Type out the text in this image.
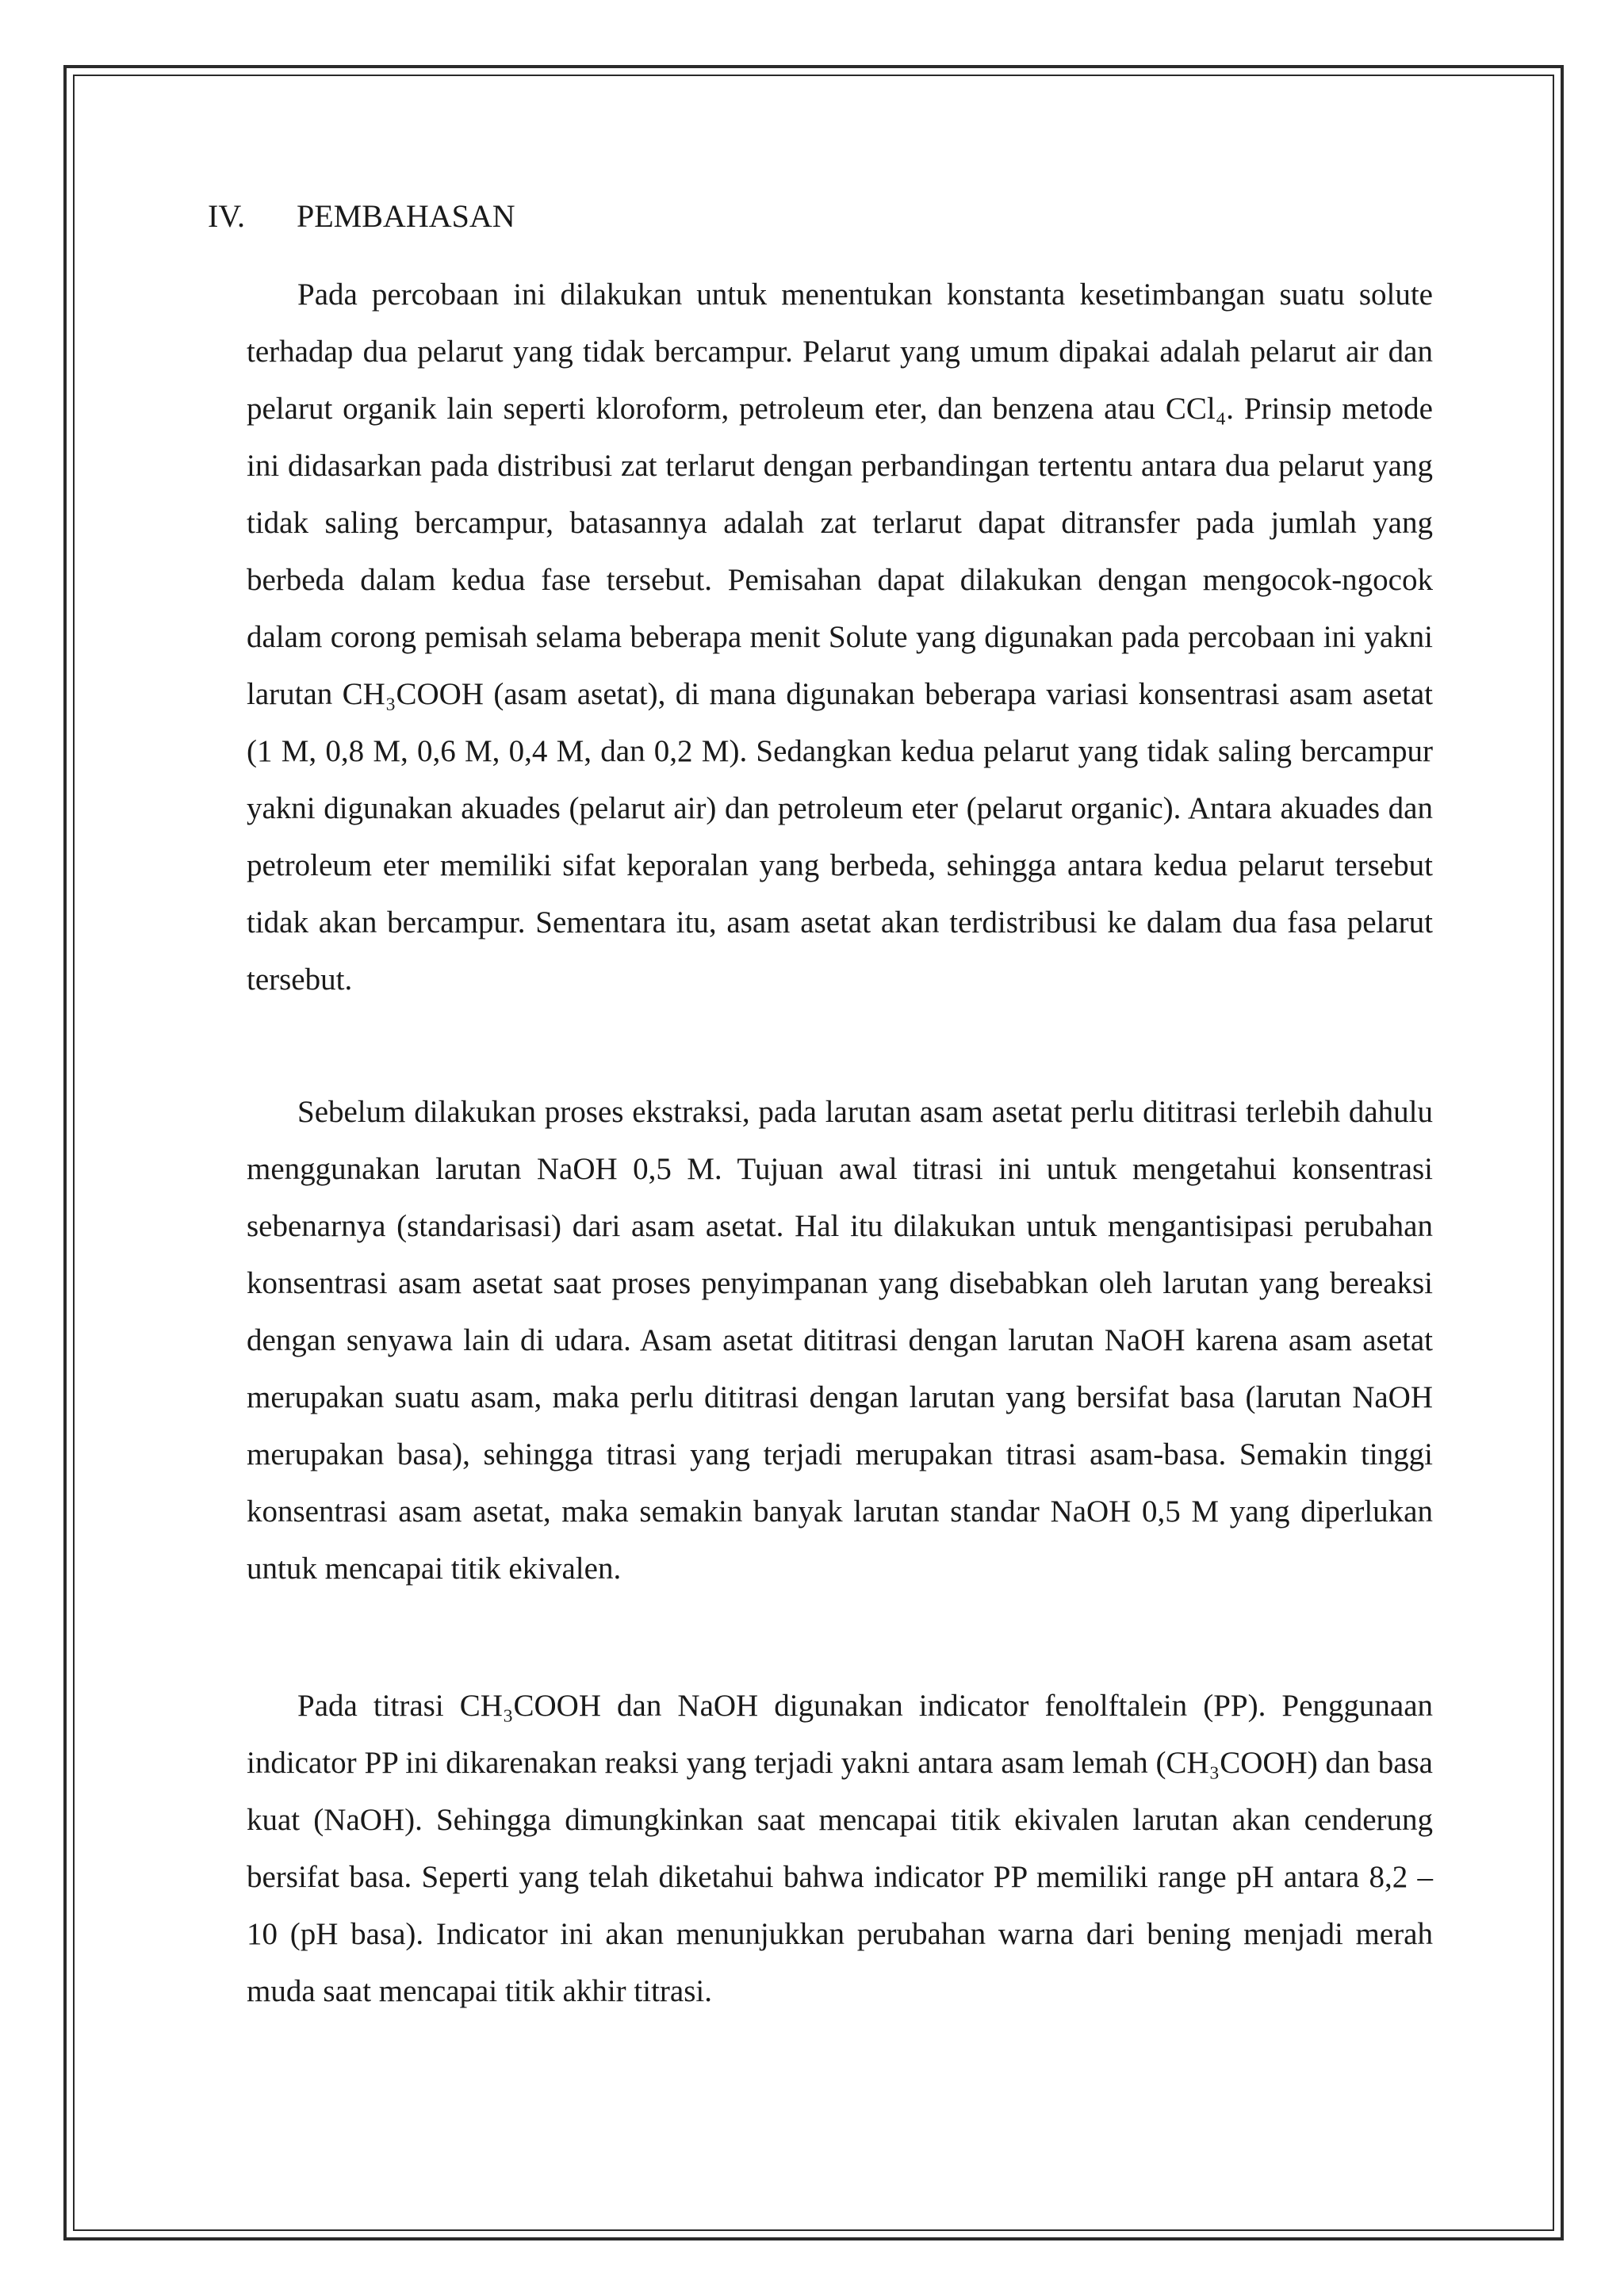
IV. PEMBAHASAN

Pada percobaan ini dilakukan untuk menentukan konstanta kesetimbangan suatu solute terhadap dua pelarut yang tidak bercampur. Pelarut yang umum dipakai adalah pelarut air dan pelarut organik lain seperti kloroform, petroleum eter, dan benzena atau CCl₄. Prinsip metode ini didasarkan pada distribusi zat terlarut dengan perbandingan tertentu antara dua pelarut yang tidak saling bercampur, batasannya adalah zat terlarut dapat ditransfer pada jumlah yang berbeda dalam kedua fase tersebut. Pemisahan dapat dilakukan dengan mengocok-ngocok dalam corong pemisah selama beberapa menit Solute yang digunakan pada percobaan ini yakni larutan CH₃COOH (asam asetat), di mana digunakan beberapa variasi konsentrasi asam asetat (1 M, 0,8 M, 0,6 M, 0,4 M, dan 0,2 M). Sedangkan kedua pelarut yang tidak saling bercampur yakni digunakan akuades (pelarut air) dan petroleum eter (pelarut organic). Antara akuades dan petroleum eter memiliki sifat keporalan yang berbeda, sehingga antara kedua pelarut tersebut tidak akan bercampur. Sementara itu, asam asetat akan terdistribusi ke dalam dua fasa pelarut tersebut.

Sebelum dilakukan proses ekstraksi, pada larutan asam asetat perlu dititrasi terlebih dahulu menggunakan larutan NaOH 0,5 M. Tujuan awal titrasi ini untuk mengetahui konsentrasi sebenarnya (standarisasi) dari asam asetat. Hal itu dilakukan untuk mengantisipasi perubahan konsentrasi asam asetat saat proses penyimpanan yang disebabkan oleh larutan yang bereaksi dengan senyawa lain di udara. Asam asetat dititrasi dengan larutan NaOH karena asam asetat merupakan suatu asam, maka perlu dititrasi dengan larutan yang bersifat basa (larutan NaOH merupakan basa), sehingga titrasi yang terjadi merupakan titrasi asam-basa. Semakin tinggi konsentrasi asam asetat, maka semakin banyak larutan standar NaOH 0,5 M yang diperlukan untuk mencapai titik ekivalen.

Pada titrasi CH₃COOH dan NaOH digunakan indicator fenolftalein (PP). Penggunaan indicator PP ini dikarenakan reaksi yang terjadi yakni antara asam lemah (CH₃COOH) dan basa kuat (NaOH). Sehingga dimungkinkan saat mencapai titik ekivalen larutan akan cenderung bersifat basa. Seperti yang telah diketahui bahwa indicator PP memiliki range pH antara 8,2 – 10 (pH basa). Indicator ini akan menunjukkan perubahan warna dari bening menjadi merah muda saat mencapai titik akhir titrasi.
